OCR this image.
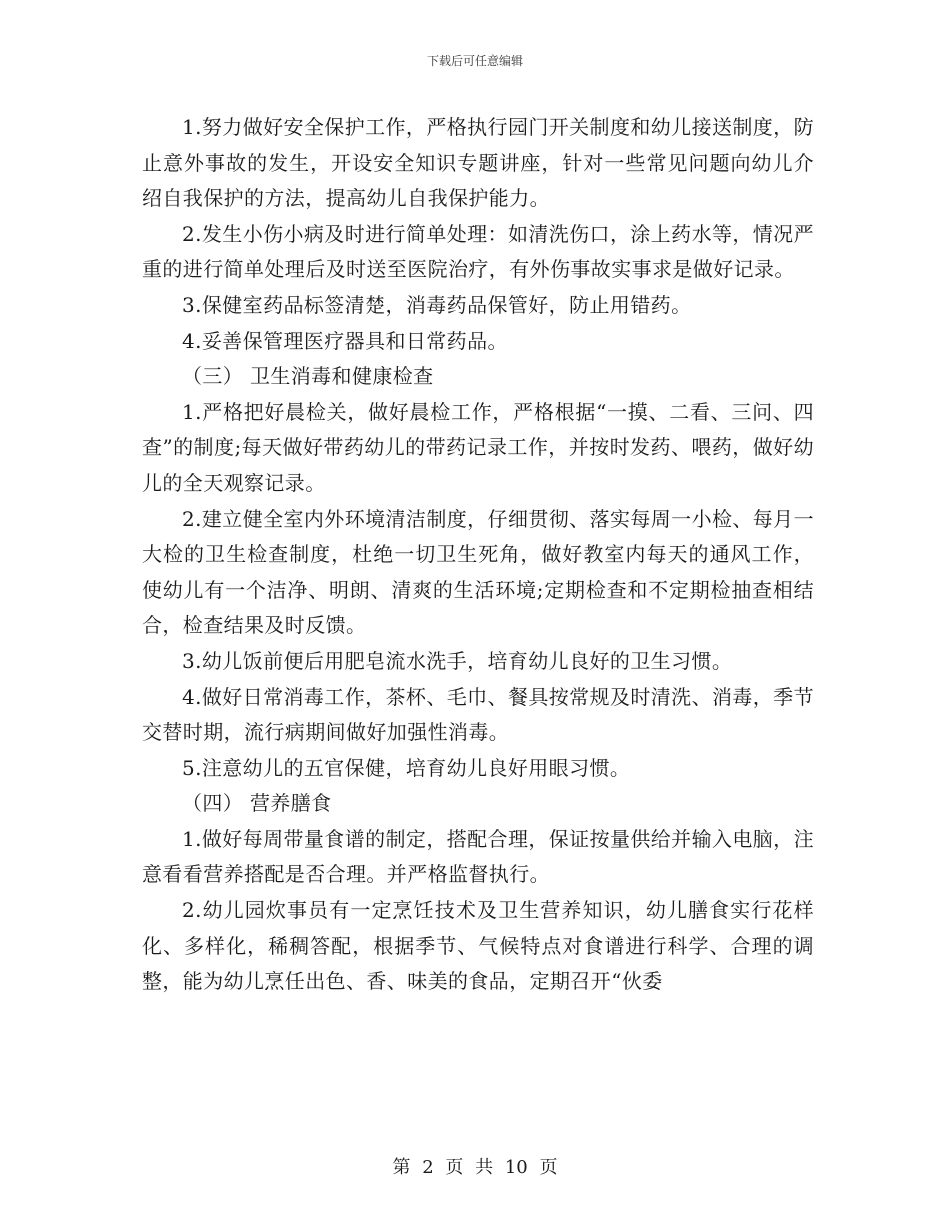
下载后可任意编辑

1.努力做好安全保护工作，严格执行园门开关制度和幼儿接送制度，防止意外事故的发生，开设安全知识专题讲座，针对一些常见问题向幼儿介绍自我保护的方法，提高幼儿自我保护能力。

2.发生小伤小病及时进行简单处理：如清洗伤口，涂上药水等，情况严重的进行简单处理后及时送至医院治疗，有外伤事故实事求是做好记录。

3.保健室药品标签清楚，消毒药品保管好，防止用错药。

4.妥善保管理医疗器具和日常药品。

（三） 卫生消毒和健康检查

1.严格把好晨检关，做好晨检工作，严格根据“一摸、二看、三问、四查”的制度;每天做好带药幼儿的带药记录工作，并按时发药、喂药，做好幼儿的全天观察记录。

2.建立健全室内外环境清洁制度，仔细贯彻、落实每周一小检、每月一大检的卫生检查制度，杜绝一切卫生死角，做好教室内每天的通风工作，使幼儿有一个洁净、明朗、清爽的生活环境;定期检查和不定期检抽查相结合，检查结果及时反馈。

3.幼儿饭前便后用肥皂流水洗手，培育幼儿良好的卫生习惯。

4.做好日常消毒工作，茶杯、毛巾、餐具按常规及时清洗、消毒，季节交替时期，流行病期间做好加强性消毒。

5.注意幼儿的五官保健，培育幼儿良好用眼习惯。

（四） 营养膳食

1.做好每周带量食谱的制定，搭配合理，保证按量供给并输入电脑，注意看看营养搭配是否合理。并严格监督执行。

2.幼儿园炊事员有一定烹饪技术及卫生营养知识，幼儿膳食实行花样化、多样化，稀稠答配，根据季节、气候特点对食谱进行科学、合理的调整，能为幼儿烹任出色、香、味美的食品，定期召开“伙委

第 2 页 共 10 页
